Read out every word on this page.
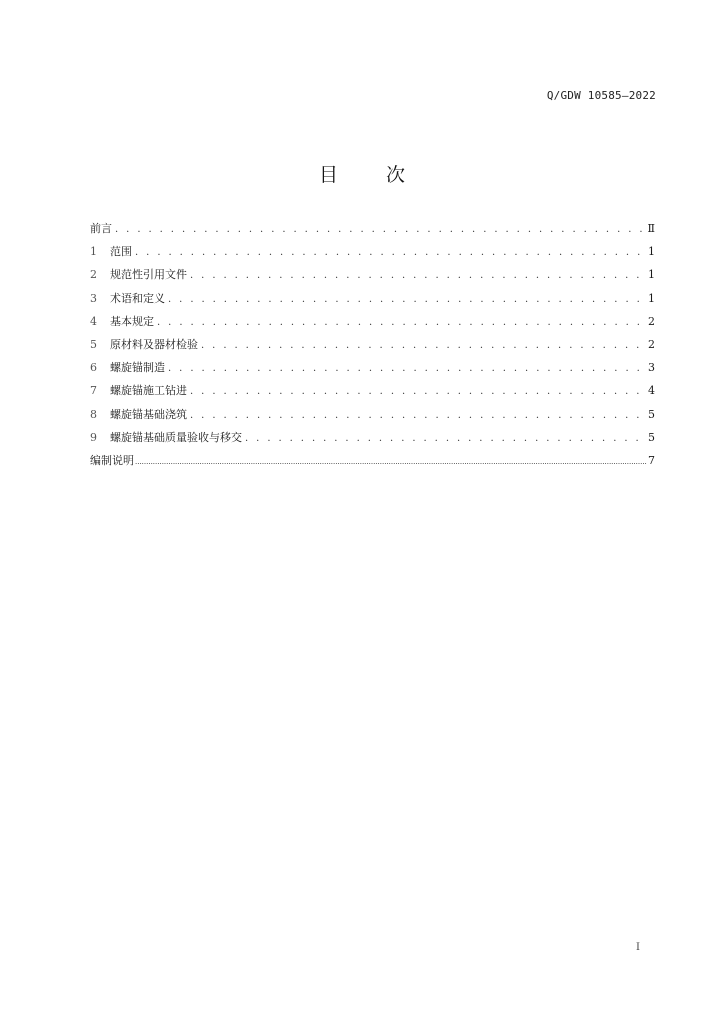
Q/GDW 10585—2022
目	次
前言 . . .	Ⅱ
1	范围 . . .	1
2	规范性引用文件 . . .	1
3	术语和定义 . . .	1
4	基本规定 . . .	2
5	原材料及器材检验 . . .	2
6	螺旋锚制造 . . .	3
7	螺旋锚施工钻进 . . .	4
8	螺旋锚基础浇筑 . . .	5
9	螺旋锚基础质量验收与移交 . . .	5
编制说明 .....	7
I
